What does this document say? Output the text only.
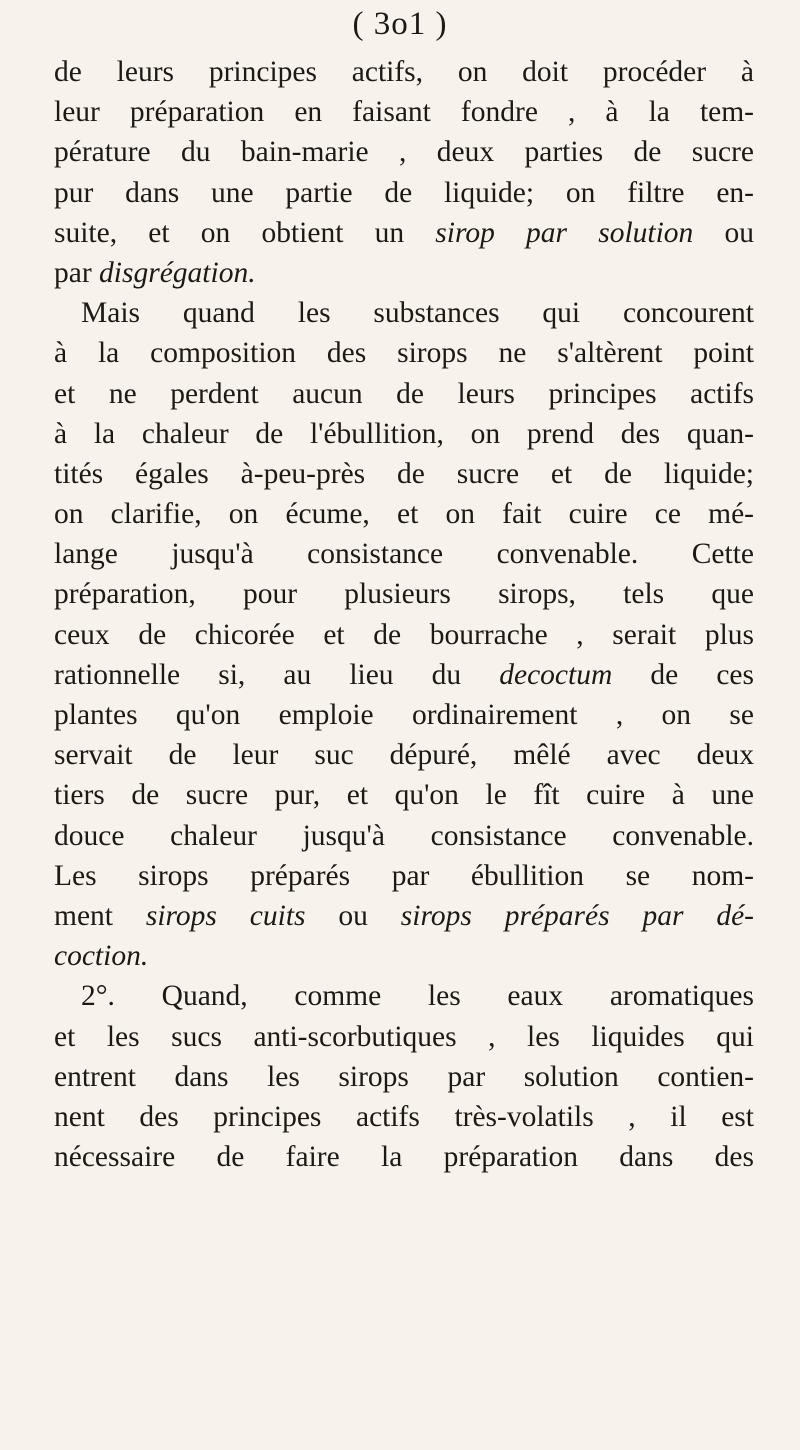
( 3o1 )
de leurs principes actifs, on doit procéder à
leur préparation en faisant fondre , à la tem-
pérature du bain-marie , deux parties de sucre
pur dans une partie de liquide; on filtre en-
suite, et on obtient un sirop par solution ou
par disgrégation.
Mais quand les substances qui concourent
à la composition des sirops ne s'altèrent point
et ne perdent aucun de leurs principes actifs
à la chaleur de l'ébullition, on prend des quan-
tités égales à-peu-près de sucre et de liquide;
on clarifie, on écume, et on fait cuire ce mé-
lange jusqu'à consistance convenable. Cette
préparation, pour plusieurs sirops, tels que
ceux de chicorée et de bourrache , serait plus
rationnelle si, au lieu du decoctum de ces
plantes qu'on emploie ordinairement , on se
servait de leur suc dépuré, mêlé avec deux
tiers de sucre pur, et qu'on le fît cuire à une
douce chaleur jusqu'à consistance convenable.
Les sirops préparés par ébullition se nom-
ment sirops cuits ou sirops préparés par dé-
coction.
2°. Quand, comme les eaux aromatiques
et les sucs anti-scorbutiques , les liquides qui
entrent dans les sirops par solution contien-
nent des principes actifs très-volatils , il est
nécessaire de faire la préparation dans des
